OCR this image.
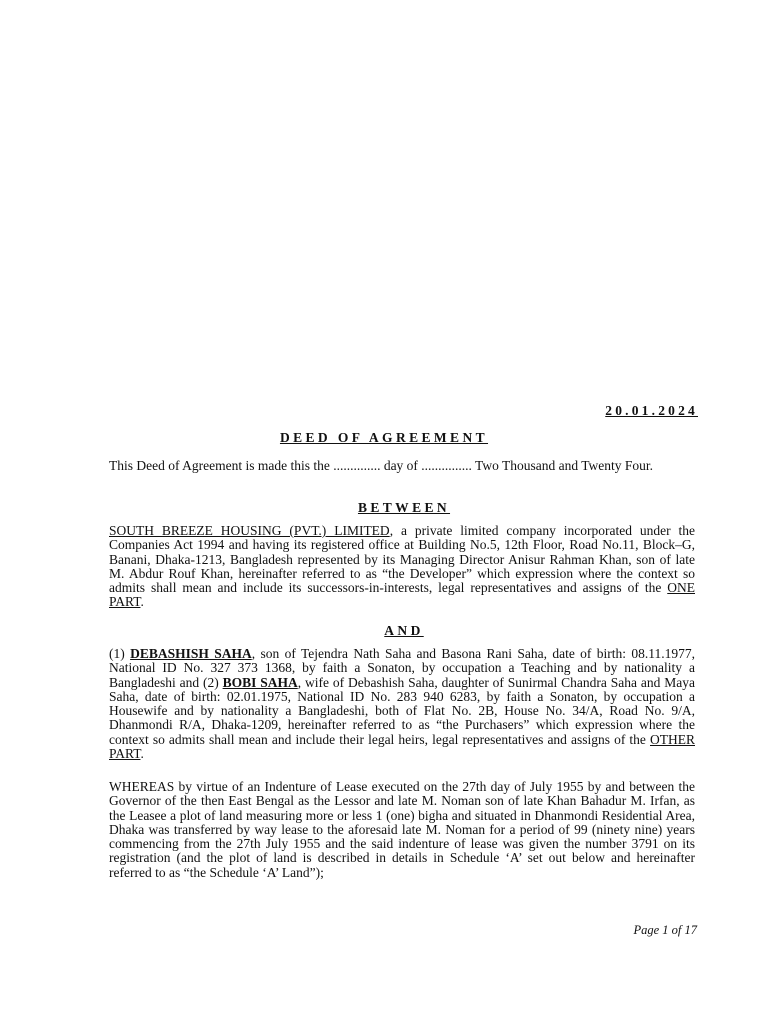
20.01.2024
DEED OF AGREEMENT

This Deed of Agreement is made this the .............. day of ............... Two Thousand and Twenty Four.

BETWEEN

SOUTH BREEZE HOUSING (PVT.) LIMITED, a private limited company incorporated under the Companies Act 1994 and having its registered office at Building No.5, 12th Floor, Road No.11, Block–G, Banani, Dhaka-1213, Bangladesh represented by its Managing Director Anisur Rahman Khan, son of late M. Abdur Rouf Khan, hereinafter referred to as “the Developer” which expression where the context so admits shall mean and include its successors-in-interests, legal representatives and assigns of the ONE PART.

AND

(1) DEBASHISH SAHA, son of Tejendra Nath Saha and Basona Rani Saha, date of birth: 08.11.1977, National ID No. 327 373 1368, by faith a Sonaton, by occupation a Teaching and by nationality a Bangladeshi and (2) BOBI SAHA, wife of Debashish Saha, daughter of Sunirmal Chandra Saha and Maya Saha, date of birth: 02.01.1975, National ID No. 283 940 6283, by faith a Sonaton, by occupation a Housewife and by nationality a Bangladeshi, both of Flat No. 2B, House No. 34/A, Road No. 9/A, Dhanmondi R/A, Dhaka-1209, hereinafter referred to as “the Purchasers” which expression where the context so admits shall mean and include their legal heirs, legal representatives and assigns of the OTHER PART.

WHEREAS by virtue of an Indenture of Lease executed on the 27th day of July 1955 by and between the Governor of the then East Bengal as the Lessor and late M. Noman son of late Khan Bahadur M. Irfan, as the Leasee a plot of land measuring more or less 1 (one) bigha and situated in Dhanmondi Residential Area, Dhaka was transferred by way lease to the aforesaid late M. Noman for a period of 99 (ninety nine) years commencing from the 27th July 1955 and the said indenture of lease was given the number 3791 on its registration (and the plot of land is described in details in Schedule ‘A’ set out below and hereinafter referred to as “the Schedule ‘A’ Land”);

Page 1 of 17
